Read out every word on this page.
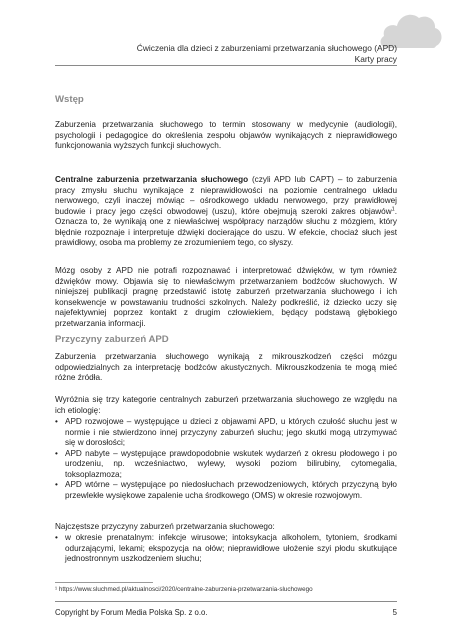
Ćwiczenia dla dzieci z zaburzeniami przetwarzania słuchowego (APD)
Karty pracy
Wstęp

Zaburzenia przetwarzania słuchowego to termin stosowany w medycynie (audiologii), psychologii i pedagogice do określenia zespołu objawów wynikających z nieprawidłowego funkcjonowania wyższych funkcji słuchowych.

Centralne zaburzenia przetwarzania słuchowego (czyli APD lub CAPT) – to zaburzenia pracy zmysłu słuchu wynikające z nieprawidłowości na poziomie centralnego układu nerwowego, czyli inaczej mówiąc – ośrodkowego układu nerwowego, przy prawidłowej budowie i pracy jego części obwodowej (uszu), które obejmują szeroki zakres objawów$^1$. Oznacza to, że wynikają one z niewłaściwej współpracy narządów słuchu z mózgiem, który błędnie rozpoznaje i interpretuje dźwięki docierające do uszu. W efekcie, chociaż słuch jest prawidłowy, osoba ma problemy ze zrozumieniem tego, co słyszy.

Mózg osoby z APD nie potrafi rozpoznawać i interpretować dźwięków, w tym również dźwięków mowy. Objawia się to niewłaściwym przetwarzaniem bodźców słuchowych. W niniejszej publikacji pragnę przedstawić istotę zaburzeń przetwarzania słuchowego i ich konsekwencje w powstawaniu trudności szkolnych. Należy podkreślić, iż dziecko uczy się najefektywniej poprzez kontakt z drugim człowiekiem, będący podstawą głębokiego przetwarzania informacji.

Przyczyny zaburzeń APD

Zaburzenia przetwarzania słuchowego wynikają z mikrouszkodzeń części mózgu odpowiedzialnych za interpretację bodźców akustycznych. Mikrouszkodzenia te mogą mieć różne źródła.

Wyróżnia się trzy kategorie centralnych zaburzeń przetwarzania słuchowego ze względu na ich etiologię:

• APD rozwojowe – występujące u dzieci z objawami APD, u których czułość słuchu jest w normie i nie stwierdzono innej przyczyny zaburzeń słuchu; jego skutki mogą utrzymywać się w dorosłości;
• APD nabyte – występujące prawdopodobnie wskutek wydarzeń z okresu płodowego i po urodzeniu, np. wcześniactwo, wylewy, wysoki poziom bilirubiny, cytomegalia, toksoplazmoza;
• APD wtórne – występujące po niedosłuchach przewodzeniowych, których przyczyną było przewlekłe wysiękowe zapalenie ucha środkowego (OMS) w okresie rozwojowym.

Najczęstsze przyczyny zaburzeń przetwarzania słuchowego:

• w okresie prenatalnym: infekcje wirusowe; intoksykacja alkoholem, tytoniem, środkami odurzającymi, lekami; ekspozycja na ołów; nieprawidłowe ułożenie szyi płodu skutkujące jednostronnym uszkodzeniem słuchu;
¹ https://www.sluchmed.pl/aktualnosci/2020/centralne-zaburzenia-przetwarzania-sluchowego
Copyright by Forum Media Polska Sp. z o.o.	5
